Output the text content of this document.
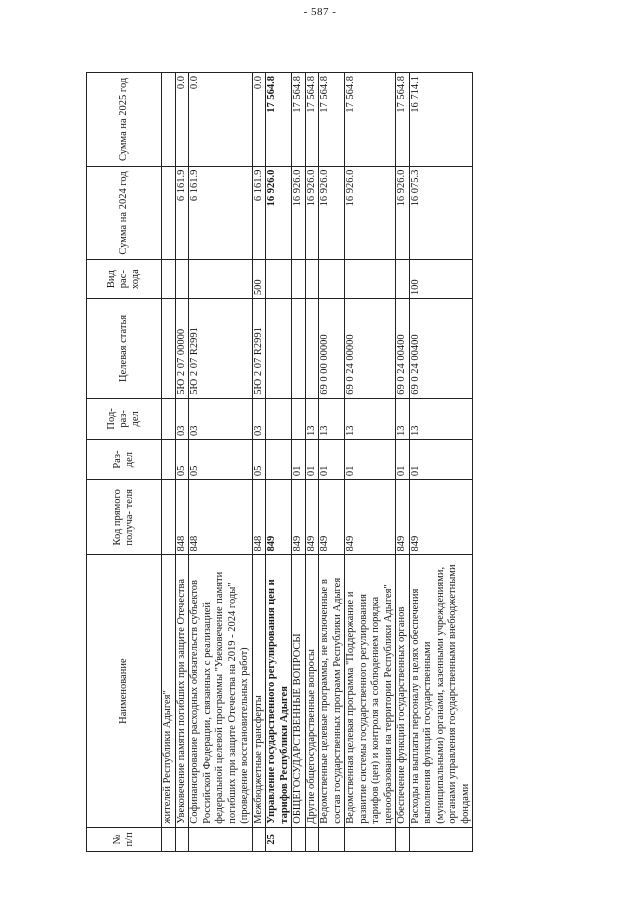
- 587 -
№ п/п	Наименование	Код прямого получа- теля	Раз- дел	Под- раз- дел	Целевая статья	Вид рас- хода	Сумма на 2024 год	Сумма на 2025 год
	жителей Республики Адыгея"							
	Увековечение памяти погибших при защите Отечества	848	05	03	5Ю 2 07 00000		6 161.9	0.0
	Софинансирование расходных обязательств субъектов Российской Федерации, связанных с реализацией федеральной целевой программы "Увековечение памяти погибших при защите Отечества на 2019 - 2024 годы" (проведение восстановительных работ)	848	05	03	5Ю 2 07 R2991		6 161.9	0.0
	Межбюджетные трансферты	848	05	03	5Ю 2 07 R2991	500	6 161.9	0.0
25	Управление государственного регулирования цен и тарифов Республики Адыгея	849					16 926.0	17 564.8
	ОБЩЕГОСУДАРСТВЕННЫЕ ВОПРОСЫ	849	01				16 926.0	17 564.8
	Другие общегосударственные вопросы	849	01	13			16 926.0	17 564.8
	Ведомственные целевые программы, не включенные в состав государственных программ Республики Адыгея	849	01	13	69 0 00 00000		16 926.0	17 564.8
	Ведомственная целевая программа "Поддержание и развитие системы государственного регулирования тарифов (цен) и контроля за соблюдением порядка ценообразования на территории Республики Адыгея"	849	01	13	69 0 24 00000		16 926.0	17 564.8
	Обеспечение функций государственных органов	849	01	13	69 0 24 00400		16 926.0	17 564.8
	Расходы на выплаты персоналу в целях обеспечения выполнения функций государственными (муниципальными) органами, казенными учреждениями, органами управления государственными внебюджетными фондами	849	01	13	69 0 24 00400	100	16 075.3	16 714.1
